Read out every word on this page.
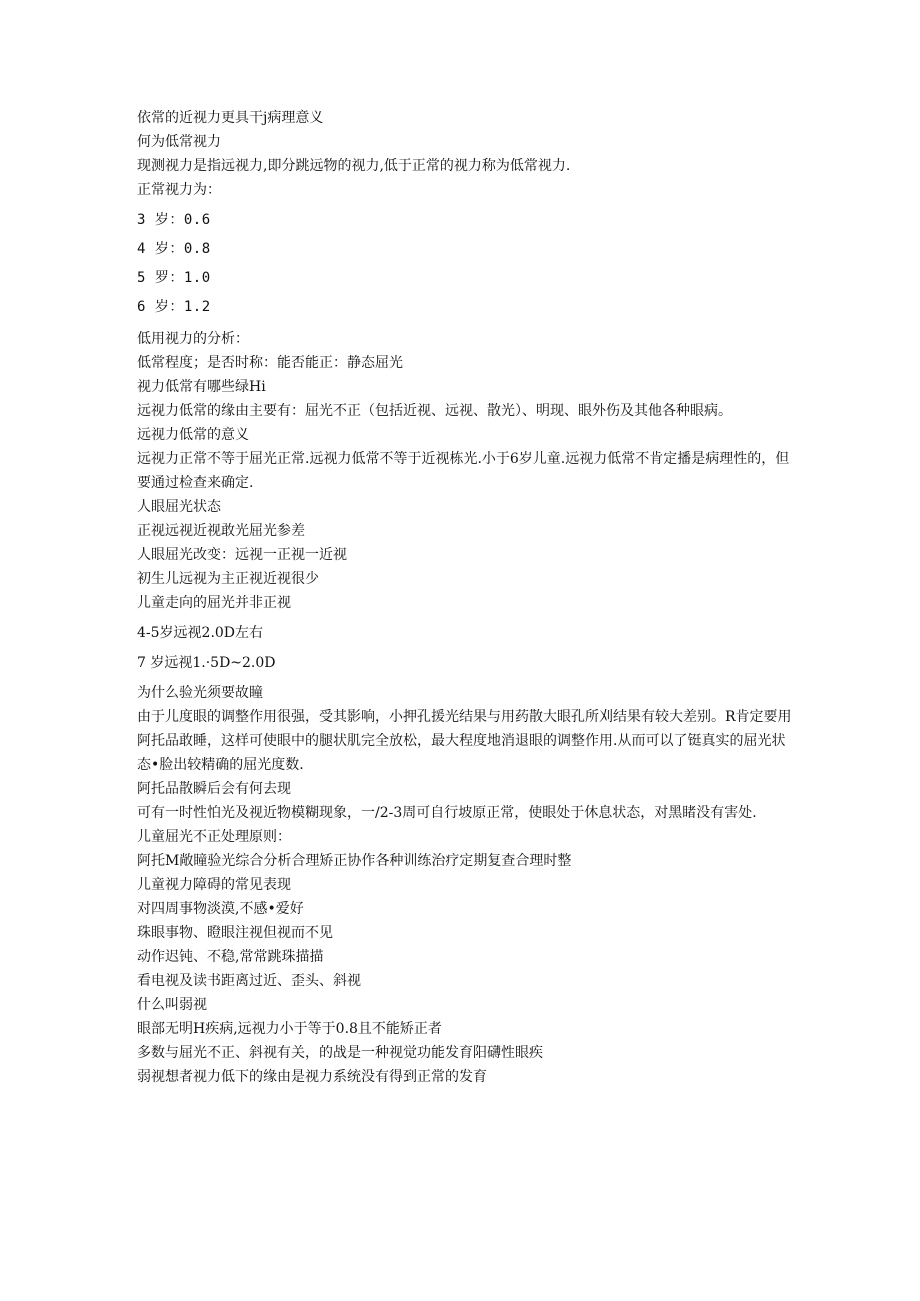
依常的近视力更具干j病理意义
何为低常视力
现测视力是指远视力,即分跳远物的视力,低于正常的视力称为低常视力.
正常视力为：
3 岁：0.6
4 岁：0.8
5 罗：1.0
6 岁：1.2
低用视力的分析：
低常程度；是否时称：能否能正：静态屈光
视力低常有哪些绿Hi
远视力低常的缘由主要有：屈光不正（包括近视、远视、散光）、明现、眼外伤及其他各种眼病。
远视力低常的意义
远视力正常不等于屈光正常.远视力低常不等于近视栋光.小于6岁儿童.远视力低常不肯定播是病理性的，但要通过检查来确定.
人眼屈光状态
正视远视近视敢光屈光参差
人眼屈光改变：远视一正视一近视
初生儿远视为主正视近视很少
儿童走向的屈光并非正视
4-5岁远视2.0D左右
7 岁远视1.·5D~2.0D
为什么验光须要故瞳
由于儿度眼的调整作用很强，受其影响，小押孔援光结果与用药散大眼孔所刈结果有较大差别。R肯定要用阿托品敢睡，这样可使眼中的腿状肌完全放松，最大程度地消退眼的调整作用.从而可以了铤真实的屈光状态•脸出较精确的屈光度数.
阿托品散瞬后会有何去现
可有一时性怕光及视近物模糊现象，一/2-3周可自行坡原正常，使眼处于休息状态，对黑睹没有害处.
儿童屈光不正处理原则：
阿托M敞瞳验光综合分析合理矫正协作各种训练治疗定期复查合理时整
儿童视力障碍的常见表现
对四周事物淡漠,不感•爱好
珠眼事物、瞪眼注视但视而不见
动作迟钝、不稳,常常跳珠描描
看电视及读书距离过近、歪头、斜视
什么叫弱视
眼部无明H疾病,远视力小于等于0.8且不能矫正者
多数与屈光不正、斜视有关，的战是一种视觉功能发育阳礴性眼疾
弱视想者视力低下的缘由是视力系统没有得到正常的发育
